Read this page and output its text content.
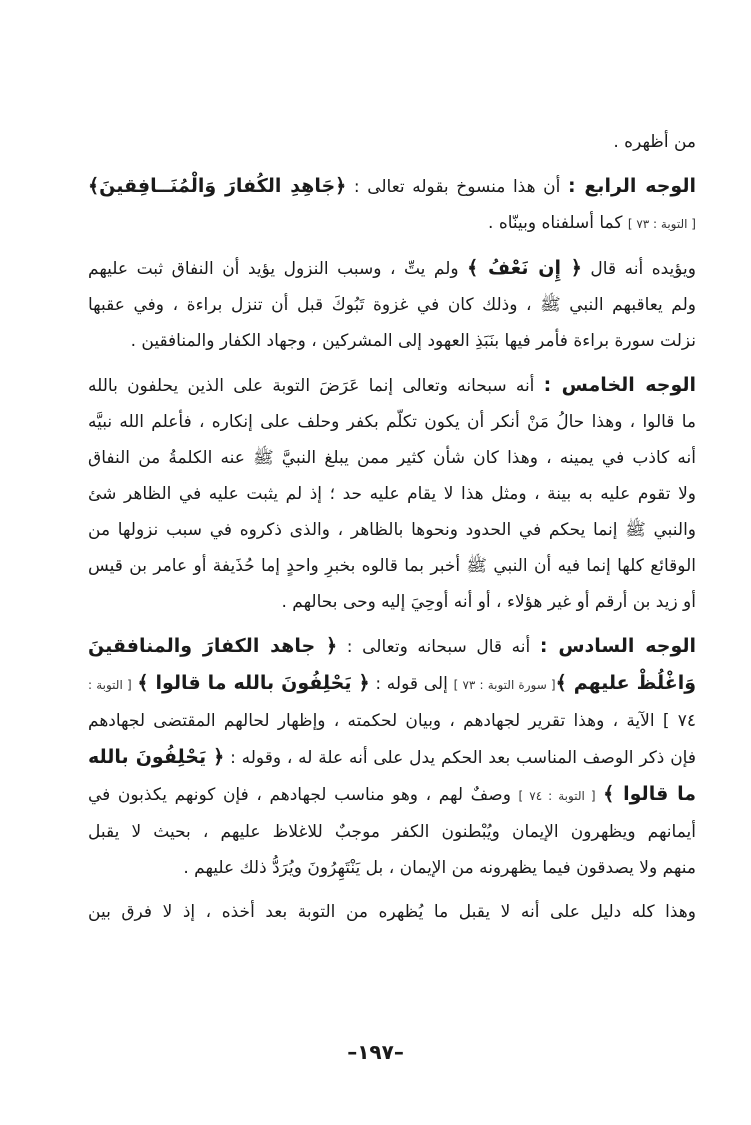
من أظهره .
الوجه الرابع : أن هذا منسوخ بقوله تعالى : ﴿جَاهِدِ الكُفارَ وَالْمُنَــافِقينَ﴾
[ التوبة : ٧٣ ] كما أسلفناه وبينّاه .
ويؤيده أنه قال ﴿ إِن نَعْفُ ﴾ ولم يتِّ ، وسبب النزول يؤيد أن النفاق ثبت عليهم
ولم يعاقبهم النبي ﷺ ، وذلك كان في غزوة تَبُوكَ قبل أن تنزل براءة ، وفي عقبها
نزلت سورة براءة فأمر فيها بنَبَذِ العهود إلى المشركين ، وجهاد الكفار والمنافقين .
الوجه الخامس : أنه سبحانه وتعالى إنما عَرَضَ التوبة على الذين يحلفون بالله
ما قالوا ، وهذا حالُ مَنْ أنكر أن يكون تكلّم بكفر وحلف على إنكاره ، فأعلم الله نبيَّه
أنه كاذب في يمينه ، وهذا كان شأن كثير ممن يبلغ النبيَّ ﷺ عنه الكلمةُ من النفاق
ولا تقوم عليه به بينة ، ومثل هذا لا يقام عليه حد ؛ إذ لم يثبت عليه في الظاهر شئ
والنبي ﷺ إنما يحكم في الحدود ونحوها بالظاهر ، والذى ذكروه في سبب نزولها من
الوقائع كلها إنما فيه أن النبي ﷺ أخبر بما قالوه بخبرِ واحدٍ إما حُذَيفة أو عامر بن قيس
أو زيد بن أرقم أو غير هؤلاء ، أو أنه أوحِيَ إليه وحى بحالهم .
الوجه السادس : أنه قال سبحانه وتعالى : ﴿ جاهد الكفارَ والمنافقينَ
وَاغْلُظْ عليهم ﴾[ سورة التوبة : ٧٣ ] إلى قوله : ﴿ يَحْلِفُونَ بالله ما قالوا ﴾ [ التوبة :
٧٤ ] الآية ، وهذا تقرير لجهادهم ، وبيان لحكمته ، وإظهار لحالهم المقتضى لجهادهم
فإن ذكر الوصف المناسب بعد الحكم يدل على أنه علة له ، وقوله : ﴿ يَحْلِفُونَ بالله
ما قالوا ﴾ [ التوبة : ٧٤ ] وصفٌ لهم ، وهو مناسب لجهادهم ، فإن كونهم يكذبون في
أيمانهم ويظهرون الإيمان ويُبْطنون الكفر موجبٌ للاغلاظ عليهم ، بحيث لا يقبل
منهم ولا يصدقون فيما يظهرونه من الإيمان ، بل يَنْتَهِرُونَ ويُرَدُّ ذلك عليهم .
وهذا كله دليل على أنه لا يقبل ما يُظهره من التوبة بعد أخذه ، إذ لا فرق بين
–١٩٧–
